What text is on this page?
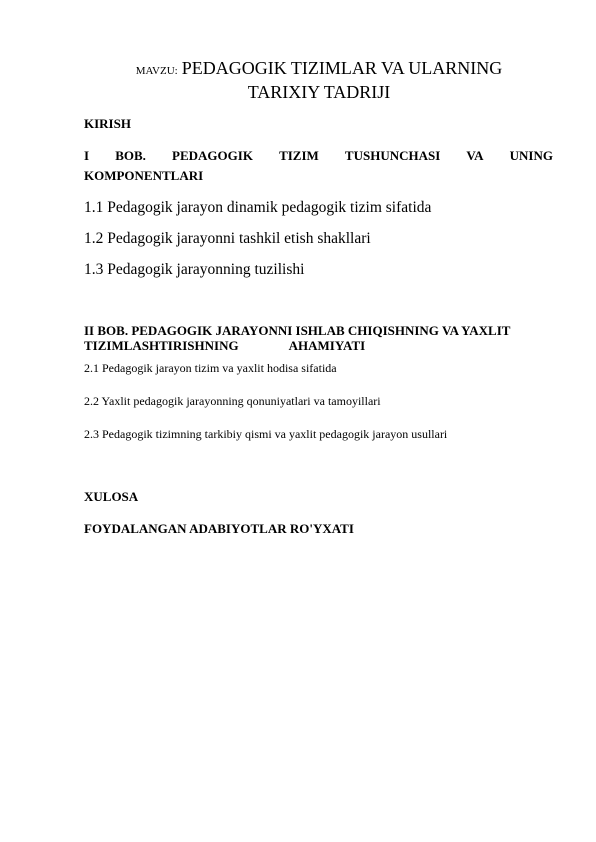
MAVZU: PEDAGOGIK TIZIMLAR VA ULARNING
TARIXIY TADRIJI
KIRISH
I BOB. PEDAGOGIK TIZIM TUSHUNCHASI VA UNING
KOMPONENTLARI
1.1 Pedagogik jarayon dinamik pedagogik tizim sifatida
1.2 Pedagogik jarayonni tashkil etish shakllari
1.3 Pedagogik jarayonning tuzilishi
II BOB. PEDAGOGIK JARAYONNI ISHLAB CHIQISHNING VA YAXLIT
TIZIMLASHTIRISHNING	AHAMIYATI
2.1 Pedagogik jarayon tizim va yaxlit hodisa sifatida
2.2 Yaxlit pedagogik jarayonning qonuniyatlari va tamoyillari
2.3 Pedagogik tizimning tarkibiy qismi va yaxlit pedagogik jarayon usullari
XULOSA
FOYDALANGAN ADABIYOTLAR RO'YXATI
